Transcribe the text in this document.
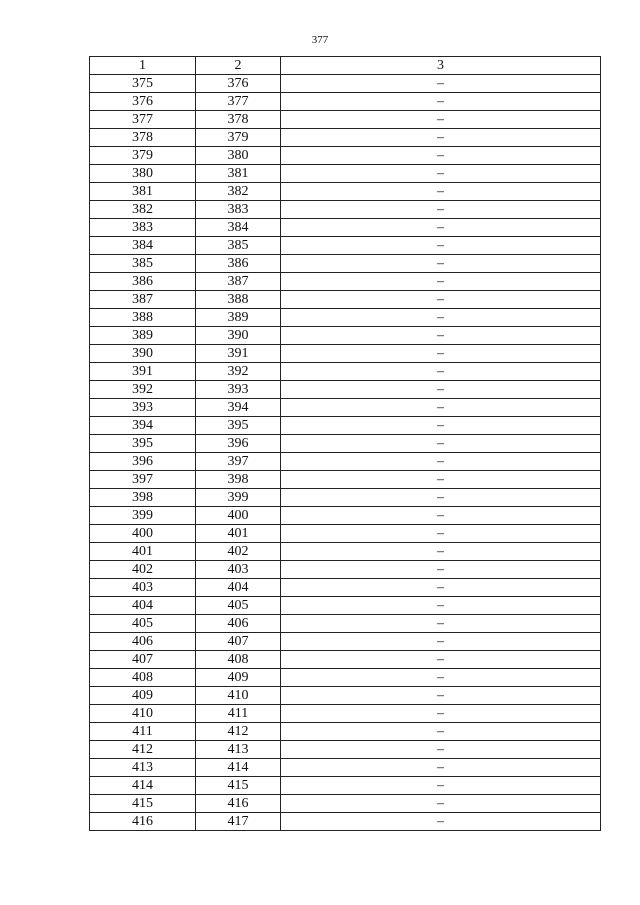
377
1	2	3
375	376	–
376	377	–
377	378	–
378	379	–
379	380	–
380	381	–
381	382	–
382	383	–
383	384	–
384	385	–
385	386	–
386	387	–
387	388	–
388	389	–
389	390	–
390	391	–
391	392	–
392	393	–
393	394	–
394	395	–
395	396	–
396	397	–
397	398	–
398	399	–
399	400	–
400	401	–
401	402	–
402	403	–
403	404	–
404	405	–
405	406	–
406	407	–
407	408	–
408	409	–
409	410	–
410	411	–
411	412	–
412	413	–
413	414	–
414	415	–
415	416	–
416	417	–
